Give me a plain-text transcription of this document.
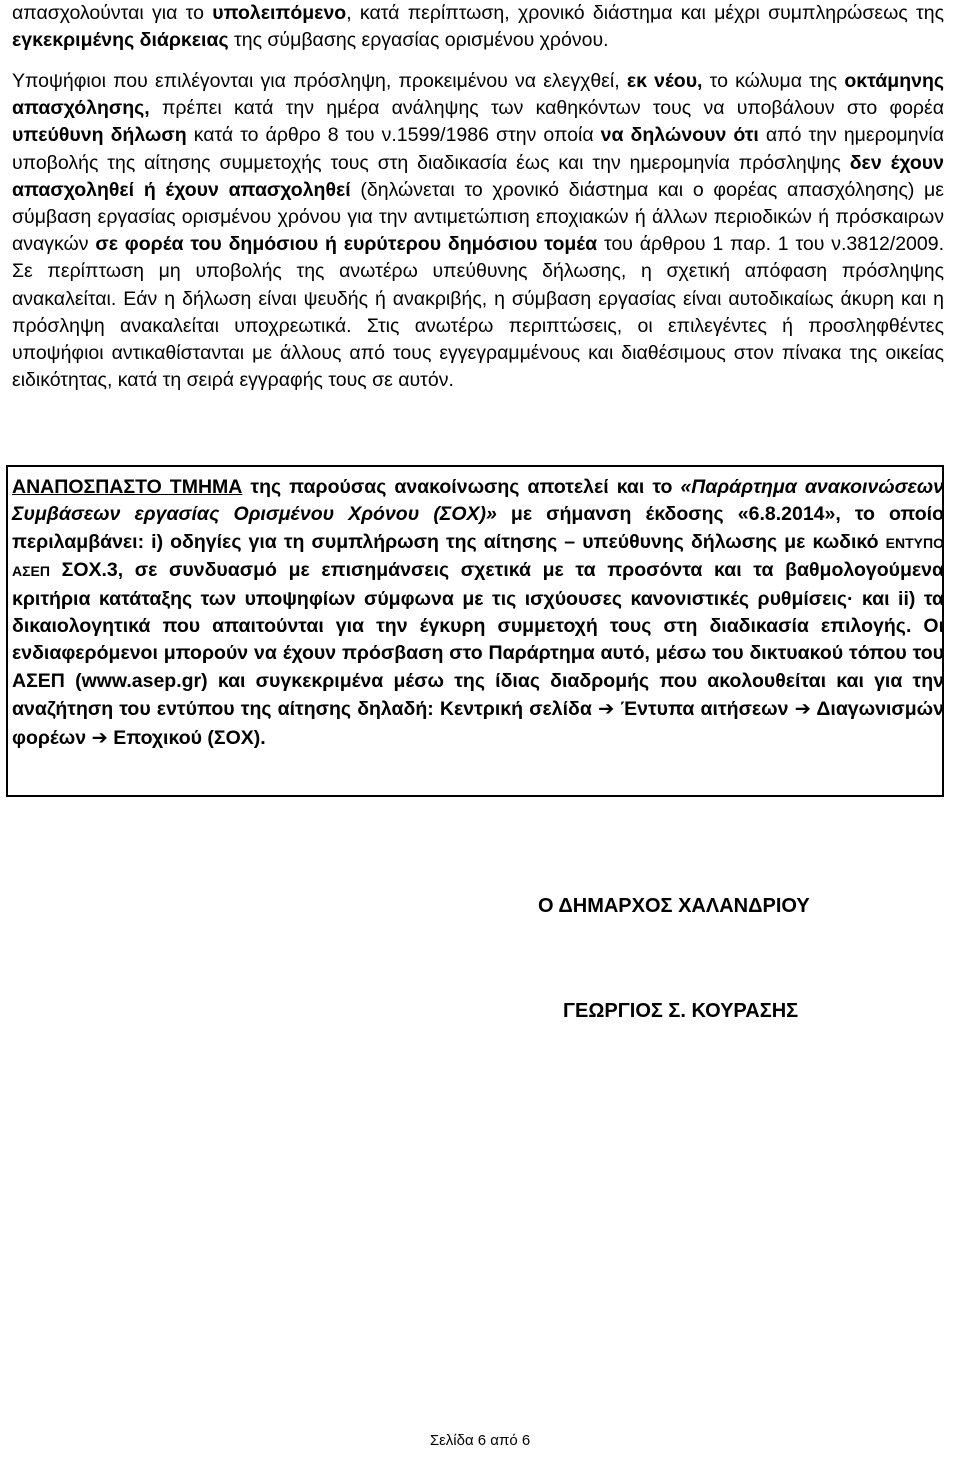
απασχολούνται για το υπολειπόμενο, κατά περίπτωση, χρονικό διάστημα και μέχρι συμπληρώσεως της εγκεκριμένης διάρκειας της σύμβασης εργασίας ορισμένου χρόνου.

Υποψήφιοι που επιλέγονται για πρόσληψη, προκειμένου να ελεγχθεί, εκ νέου, το κώλυμα της οκτάμηνης απασχόλησης, πρέπει κατά την ημέρα ανάληψης των καθηκόντων τους να υποβάλουν στο φορέα υπεύθυνη δήλωση κατά το άρθρο 8 του ν.1599/1986 στην οποία να δηλώνουν ότι από την ημερομηνία υποβολής της αίτησης συμμετοχής τους στη διαδικασία έως και την ημερομηνία πρόσληψης δεν έχουν απασχοληθεί ή έχουν απασχοληθεί (δηλώνεται το χρονικό διάστημα και ο φορέας απασχόλησης) με σύμβαση εργασίας ορισμένου χρόνου για την αντιμετώπιση εποχιακών ή άλλων περιοδικών ή πρόσκαιρων αναγκών σε φορέα του δημόσιου ή ευρύτερου δημόσιου τομέα του άρθρου 1 παρ. 1 του ν.3812/2009. Σε περίπτωση μη υποβολής της ανωτέρω υπεύθυνης δήλωσης, η σχετική απόφαση πρόσληψης ανακαλείται. Εάν η δήλωση είναι ψευδής ή ανακριβής, η σύμβαση εργασίας είναι αυτοδικαίως άκυρη και η πρόσληψη ανακαλείται υποχρεωτικά. Στις ανωτέρω περιπτώσεις, οι επιλεγέντες ή προσληφθέντες υποψήφιοι αντικαθίστανται με άλλους από τους εγγεγραμμένους και διαθέσιμους στον πίνακα της οικείας ειδικότητας, κατά τη σειρά εγγραφής τους σε αυτόν.

ΑΝΑΠΟΣΠΑΣΤΟ ΤΜΗΜΑ της παρούσας ανακοίνωσης αποτελεί και το «Παράρτημα ανακοινώσεων Συμβάσεων εργασίας Ορισμένου Χρόνου (ΣΟΧ)» με σήμανση έκδοσης «6.8.2014», το οποίο περιλαμβάνει: i) οδηγίες για τη συμπλήρωση της αίτησης – υπεύθυνης δήλωσης με κωδικό ΕΝΤΥΠΟ ΑΣΕΠ ΣΟΧ.3, σε συνδυασμό με επισημάνσεις σχετικά με τα προσόντα και τα βαθμολογούμενα κριτήρια κατάταξης των υποψηφίων σύμφωνα με τις ισχύουσες κανονιστικές ρυθμίσεις· και ii) τα δικαιολογητικά που απαιτούνται για την έγκυρη συμμετοχή τους στη διαδικασία επιλογής. Οι ενδιαφερόμενοι μπορούν να έχουν πρόσβαση στο Παράρτημα αυτό, μέσω του δικτυακού τόπου του ΑΣΕΠ (www.asep.gr) και συγκεκριμένα μέσω της ίδιας διαδρομής που ακολουθείται και για την αναζήτηση του εντύπου της αίτησης δηλαδή: Κεντρική σελίδα ➔ Έντυπα αιτήσεων ➔ Διαγωνισμών φορέων ➔ Εποχικού (ΣΟΧ).

Ο ΔΗΜΑΡΧΟΣ ΧΑΛΑΝΔΡΙΟΥ

ΓΕΩΡΓΙΟΣ Σ. ΚΟΥΡΑΣΗΣ

Σελίδα 6 από 6
